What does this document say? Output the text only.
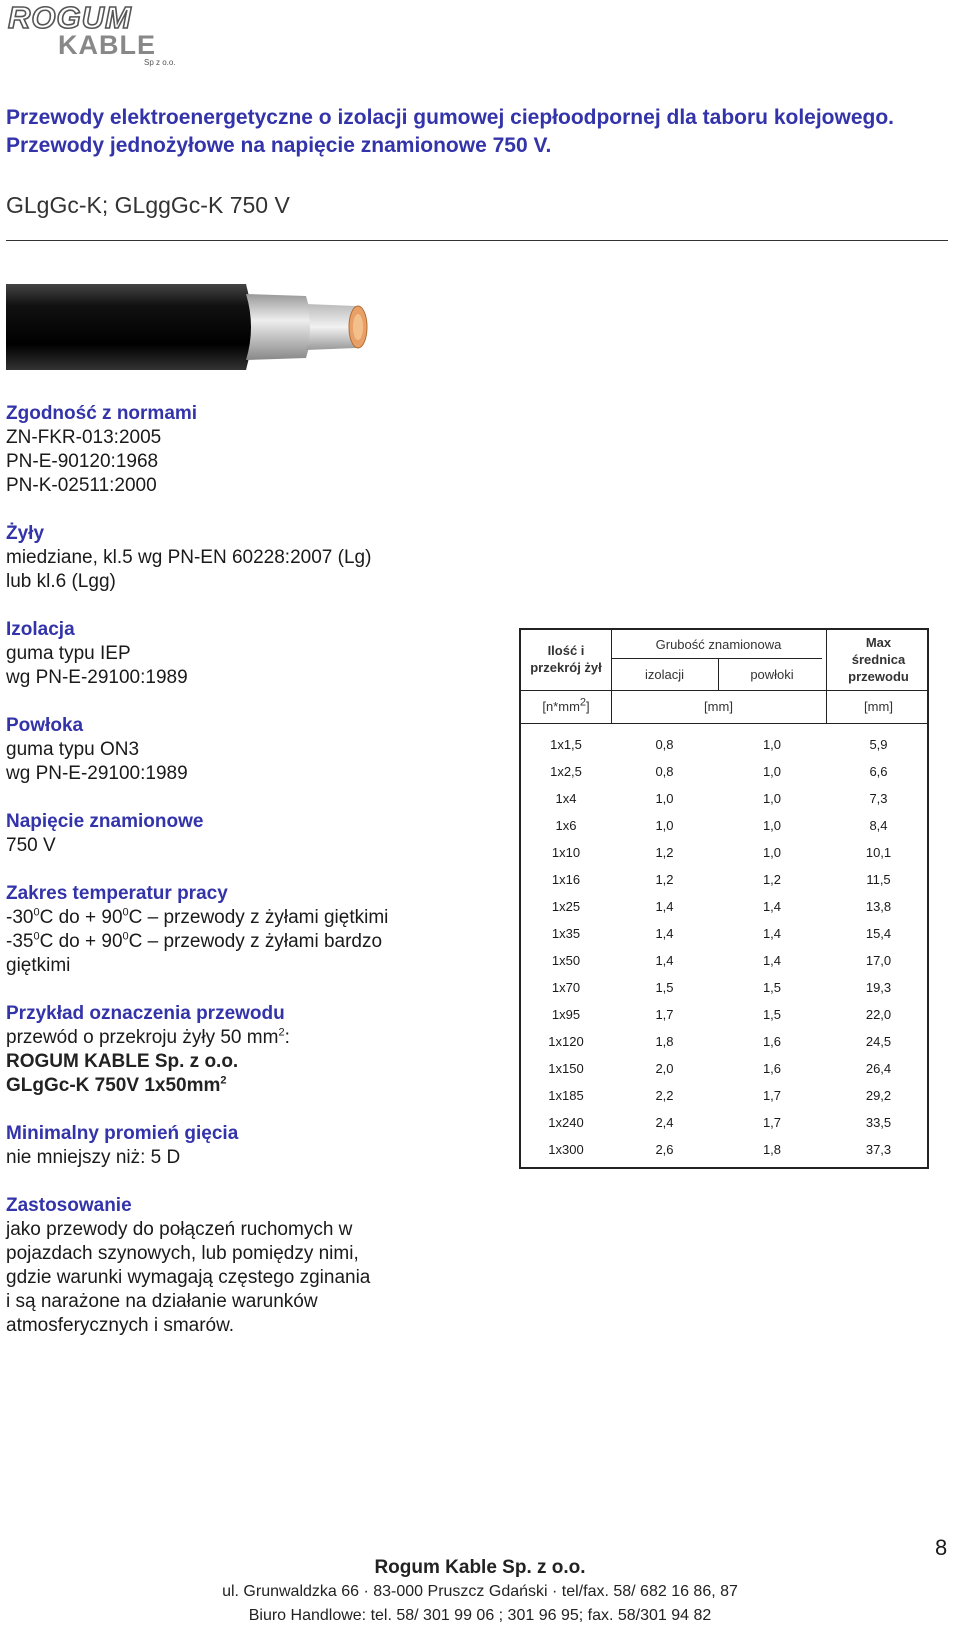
ROGUM
KABLE
Sp z o.o.
Przewody elektroenergetyczne o izolacji gumowej ciepłoodpornej dla taboru kolejowego. Przewody jednożyłowe na napięcie znamionowe 750 V.
GLgGc-K; GLggGc-K 750 V
Zgodność z normami

ZN-FKR-013:2005

PN-E-90120:1968

PN-K-02511:2000

Żyły

miedziane, kl.5 wg PN-EN 60228:2007 (Lg)

lub kl.6 (Lgg)

Izolacja

guma typu IEP

wg PN-E-29100:1989

Powłoka

guma typu ON3

wg PN-E-29100:1989

Napięcie znamionowe

750 V

Zakres temperatur pracy

$-30^0C$ do + $90^0C$ – przewody z żyłami giętkimi

$-35^0C$ do + $90^0C$ – przewody z żyłami bardzo

giętkimi

Przykład oznaczenia przewodu

przewód o przekroju żyły 50 $mm^2$:

ROGUM KABLE Sp. z o.o.

GLgGc-K 750V $1x50mm^2$

Minimalny promień gięcia

nie mniejszy niż: 5 D

Zastosowanie

jako przewody do połączeń ruchomych w

pojazdach szynowych, lub pomiędzy nimi,

gdzie warunki wymagają częstego zginania

i są narażone na działanie warunków

atmosferycznych i smarów.

Ilość i
przekrój żył
Grubość znamionowa
izolacji	powłoki
Max
średnica
przewodu
$[n*mm^2]$	[mm]	[mm]
1x1,5	0,8	1,0	5,9
1x2,5	0,8	1,0	6,6
1x4	1,0	1,0	7,3
1x6	1,0	1,0	8,4
1x10	1,2	1,0	10,1
1x16	1,2	1,2	11,5
1x25	1,4	1,4	13,8
1x35	1,4	1,4	15,4
1x50	1,4	1,4	17,0
1x70	1,5	1,5	19,3
1x95	1,7	1,5	22,0
1x120	1,8	1,6	24,5
1x150	2,0	1,6	26,4
1x185	2,2	1,7	29,2
1x240	2,4	1,7	33,5
1x300	2,6	1,8	37,3
Rogum Kable Sp. z o.o.
ul. Grunwaldzka 66 · 83-000 Pruszcz Gdański · tel/fax. 58/ 682 16 86, 87
Biuro Handlowe: tel. 58/ 301 99 06 ; 301 96 95; fax. 58/301 94 82
8
